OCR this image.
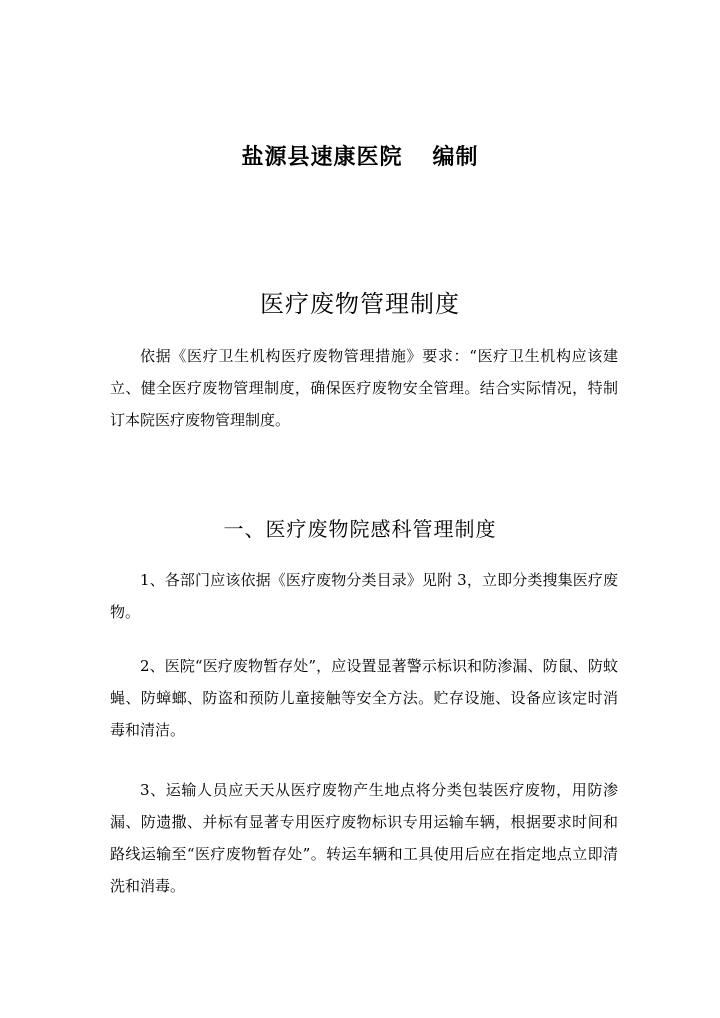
盐源县速康医院 编制
医疗废物管理制度

依据《医疗卫生机构医疗废物管理措施》要求：“医疗卫生机构应该建立、健全医疗废物管理制度，确保医疗废物安全管理。结合实际情况，特制订本院医疗废物管理制度。

一、医疗废物院感科管理制度

1、各部门应该依据《医疗废物分类目录》见附 3，立即分类搜集医疗废物。

2、医院“医疗废物暂存处”，应设置显著警示标识和防渗漏、防鼠、防蚊蝇、防蟑螂、防盗和预防儿童接触等安全方法。贮存设施、设备应该定时消毒和清洁。

3、运输人员应天天从医疗废物产生地点将分类包装医疗废物，用防渗漏、防遗撒、并标有显著专用医疗废物标识专用运输车辆，根据要求时间和路线运输至“医疗废物暂存处”。转运车辆和工具使用后应在指定地点立即清洗和消毒。
